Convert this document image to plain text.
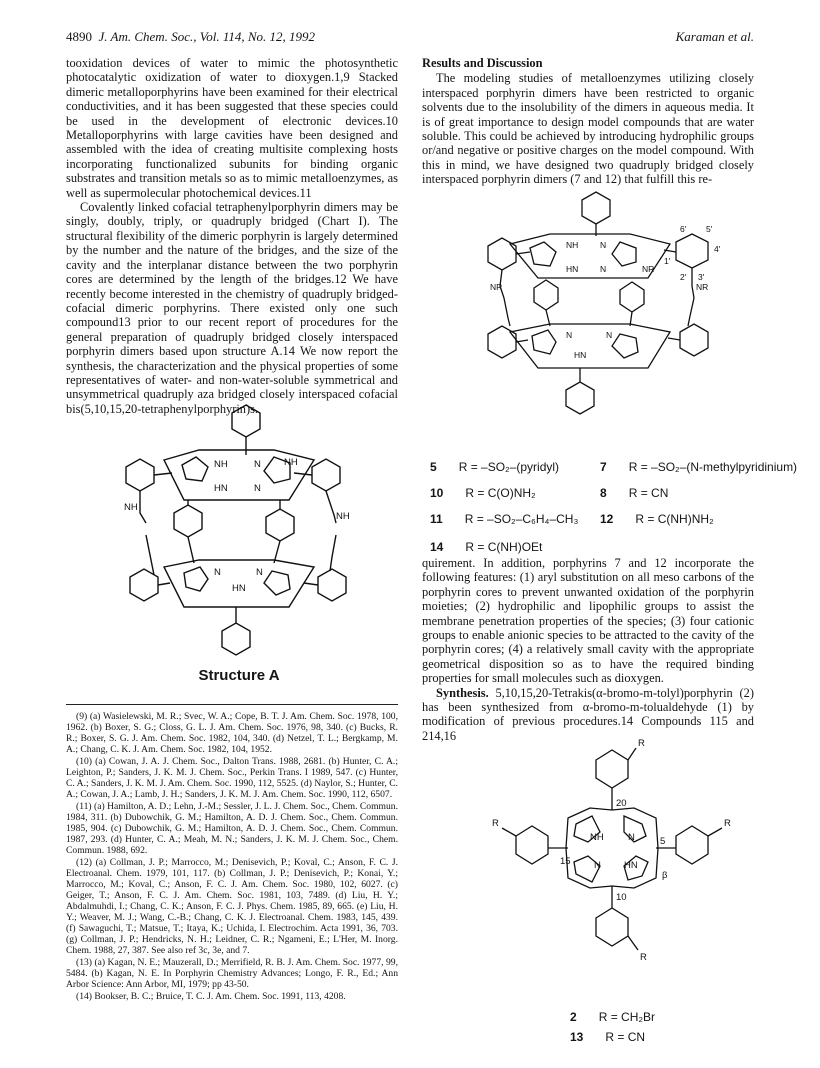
4890 J. Am. Chem. Soc., Vol. 114, No. 12, 1992	Karaman et al.

tooxidation devices of water to mimic the photosynthetic photocatalytic oxidization of water to dioxygen.1,9 Stacked dimeric metalloporphyrins have been examined for their electrical conductivities, and it has been suggested that these species could be used in the development of electronic devices.10 Metalloporphyrins with large cavities have been designed and assembled with the idea of creating multisite complexing hosts incorporating functionalized subunits for binding organic substrates and transition metals so as to mimic metalloenzymes, as well as supermolecular photochemical devices.11

Covalently linked cofacial tetraphenylporphyrin dimers may be singly, doubly, triply, or quadruply bridged (Chart I). The structural flexibility of the dimeric porphyrin is largely determined by the number and the nature of the bridges, and the size of the cavity and the interplanar distance between the two porphyrin cores are determined by the length of the bridges.12 We have recently become interested in the chemistry of quadruply bridged-cofacial dimeric porphyrins. There existed only one such compound13 prior to our recent report of procedures for the general preparation of quadruply bridged closely interspaced porphyrin dimers based upon structure A.14 We now report the synthesis, the characterization and the physical properties of some representatives of water- and non-water-soluble symmetrical and unsymmetrical quadruply aza bridged closely interspaced cofacial bis(5,10,15,20-tetraphenylporphyrin)s.

NH	N
HN	N
NH
NH
NH
N
HN
N
Structure A

(9) (a) Wasielewski, M. R.; Svec, W. A.; Cope, B. T. J. Am. Chem. Soc. 1978, 100, 1962. (b) Boxer, S. G.; Closs, G. L. J. Am. Chem. Soc. 1976, 98, 340. (c) Bucks, R. R.; Boxer, S. G. J. Am. Chem. Soc. 1982, 104, 340. (d) Netzel, T. L.; Bergkamp, M. A.; Chang, C. K. J. Am. Chem. Soc. 1982, 104, 1952.

(10) (a) Cowan, J. A. J. Chem. Soc., Dalton Trans. 1988, 2681. (b) Hunter, C. A.; Leighton, P.; Sanders, J. K. M. J. Chem. Soc., Perkin Trans. I 1989, 547. (c) Hunter, C. A.; Sanders, J. K. M. J. Am. Chem. Soc. 1990, 112, 5525. (d) Naylor, S.; Hunter, C. A.; Cowan, J. A.; Lamb, J. H.; Sanders, J. K. M. J. Am. Chem. Soc. 1990, 112, 6507.

(11) (a) Hamilton, A. D.; Lehn, J.-M.; Sessler, J. L. J. Chem. Soc., Chem. Commun. 1984, 311. (b) Dubowchik, G. M.; Hamilton, A. D. J. Chem. Soc., Chem. Commun. 1985, 904. (c) Dubowchik, G. M.; Hamilton, A. D. J. Chem. Soc., Chem. Commun. 1987, 293. (d) Hunter, C. A.; Meah, M. N.; Sanders, J. K. M. J. Chem. Soc., Chem. Commun. 1988, 692.

(12) (a) Collman, J. P.; Marrocco, M.; Denisevich, P.; Koval, C.; Anson, F. C. J. Electroanal. Chem. 1979, 101, 117. (b) Collman, J. P.; Denisevich, P.; Konai, Y.; Marrocco, M.; Koval, C.; Anson, F. C. J. Am. Chem. Soc. 1980, 102, 6027. (c) Geiger, T.; Anson, F. C. J. Am. Chem. Soc. 1981, 103, 7489. (d) Liu, H. Y.; Abdalmuhdi, I.; Chang, C. K.; Anson, F. C. J. Phys. Chem. 1985, 89, 665. (e) Liu, H. Y.; Weaver, M. J.; Wang, C.-B.; Chang, C. K. J. Electroanal. Chem. 1983, 145, 439. (f) Sawaguchi, T.; Matsue, T.; Itaya, K.; Uchida, I. Electrochim. Acta 1991, 36, 703. (g) Collman, J. P.; Hendricks, N. H.; Leidner, C. R.; Ngameni, E.; L'Her, M. Inorg. Chem. 1988, 27, 387. See also ref 3c, 3e, and 7.

(13) (a) Kagan, N. E.; Mauzerall, D.; Merrifield, R. B. J. Am. Chem. Soc. 1977, 99, 5484. (b) Kagan, N. E. In Porphyrin Chemistry Advances; Longo, F. R., Ed.; Ann Arbor Science: Ann Arbor, MI, 1979; pp 43-50.

(14) Bookser, B. C.; Bruice, T. C. J. Am. Chem. Soc. 1991, 113, 4208.

Results and Discussion

The modeling studies of metalloenzymes utilizing closely interspaced porphyrin dimers have been restricted to organic solvents due to the insolubility of the dimers in aqueous media. It is of great importance to design model compounds that are water soluble. This could be achieved by introducing hydrophilic groups or/and negative or positive charges on the model compound. With this in mind, we have designed two quadruply bridged closely interspaced porphyrin dimers (7 and 12) that fulfill this re-

NH	N
HN	N	NR
NR	NR
N
HN
N
6' 5'
4'
1'
2' 3'
5 R = –SO₂–(pyridyl)	7 R = –SO₂–(N-methylpyridinium)
10 R = C(O)NH₂	8 R = CN
11 R = –SO₂–C₆H₄–CH₃ 12 R = C(NH)NH₂
14 R = C(NH)OEt

quirement. In addition, porphyrins 7 and 12 incorporate the following features: (1) aryl substitution on all meso carbons of the porphyrin cores to prevent unwanted oxidation of the porphyrin moieties; (2) hydrophilic and lipophilic groups to assist the membrane penetration properties of the species; (3) four cationic groups to enable anionic species to be attracted to the cavity of the porphyrin cores; (4) a relatively small cavity with the appropriate geometrical disposition so as to have the required binding properties for small molecules such as dioxygen.

Synthesis. 5,10,15,20-Tetrakis(α-bromo-m-tolyl)porphyrin (2) has been synthesized from α-bromo-m-tolualdehyde (1) by modification of previous procedures.14 Compounds 115 and 214,16

R
R	R
R
NH	N
N HN
20
15
5
10
β
2 R = CH₂Br
13 R = CN
